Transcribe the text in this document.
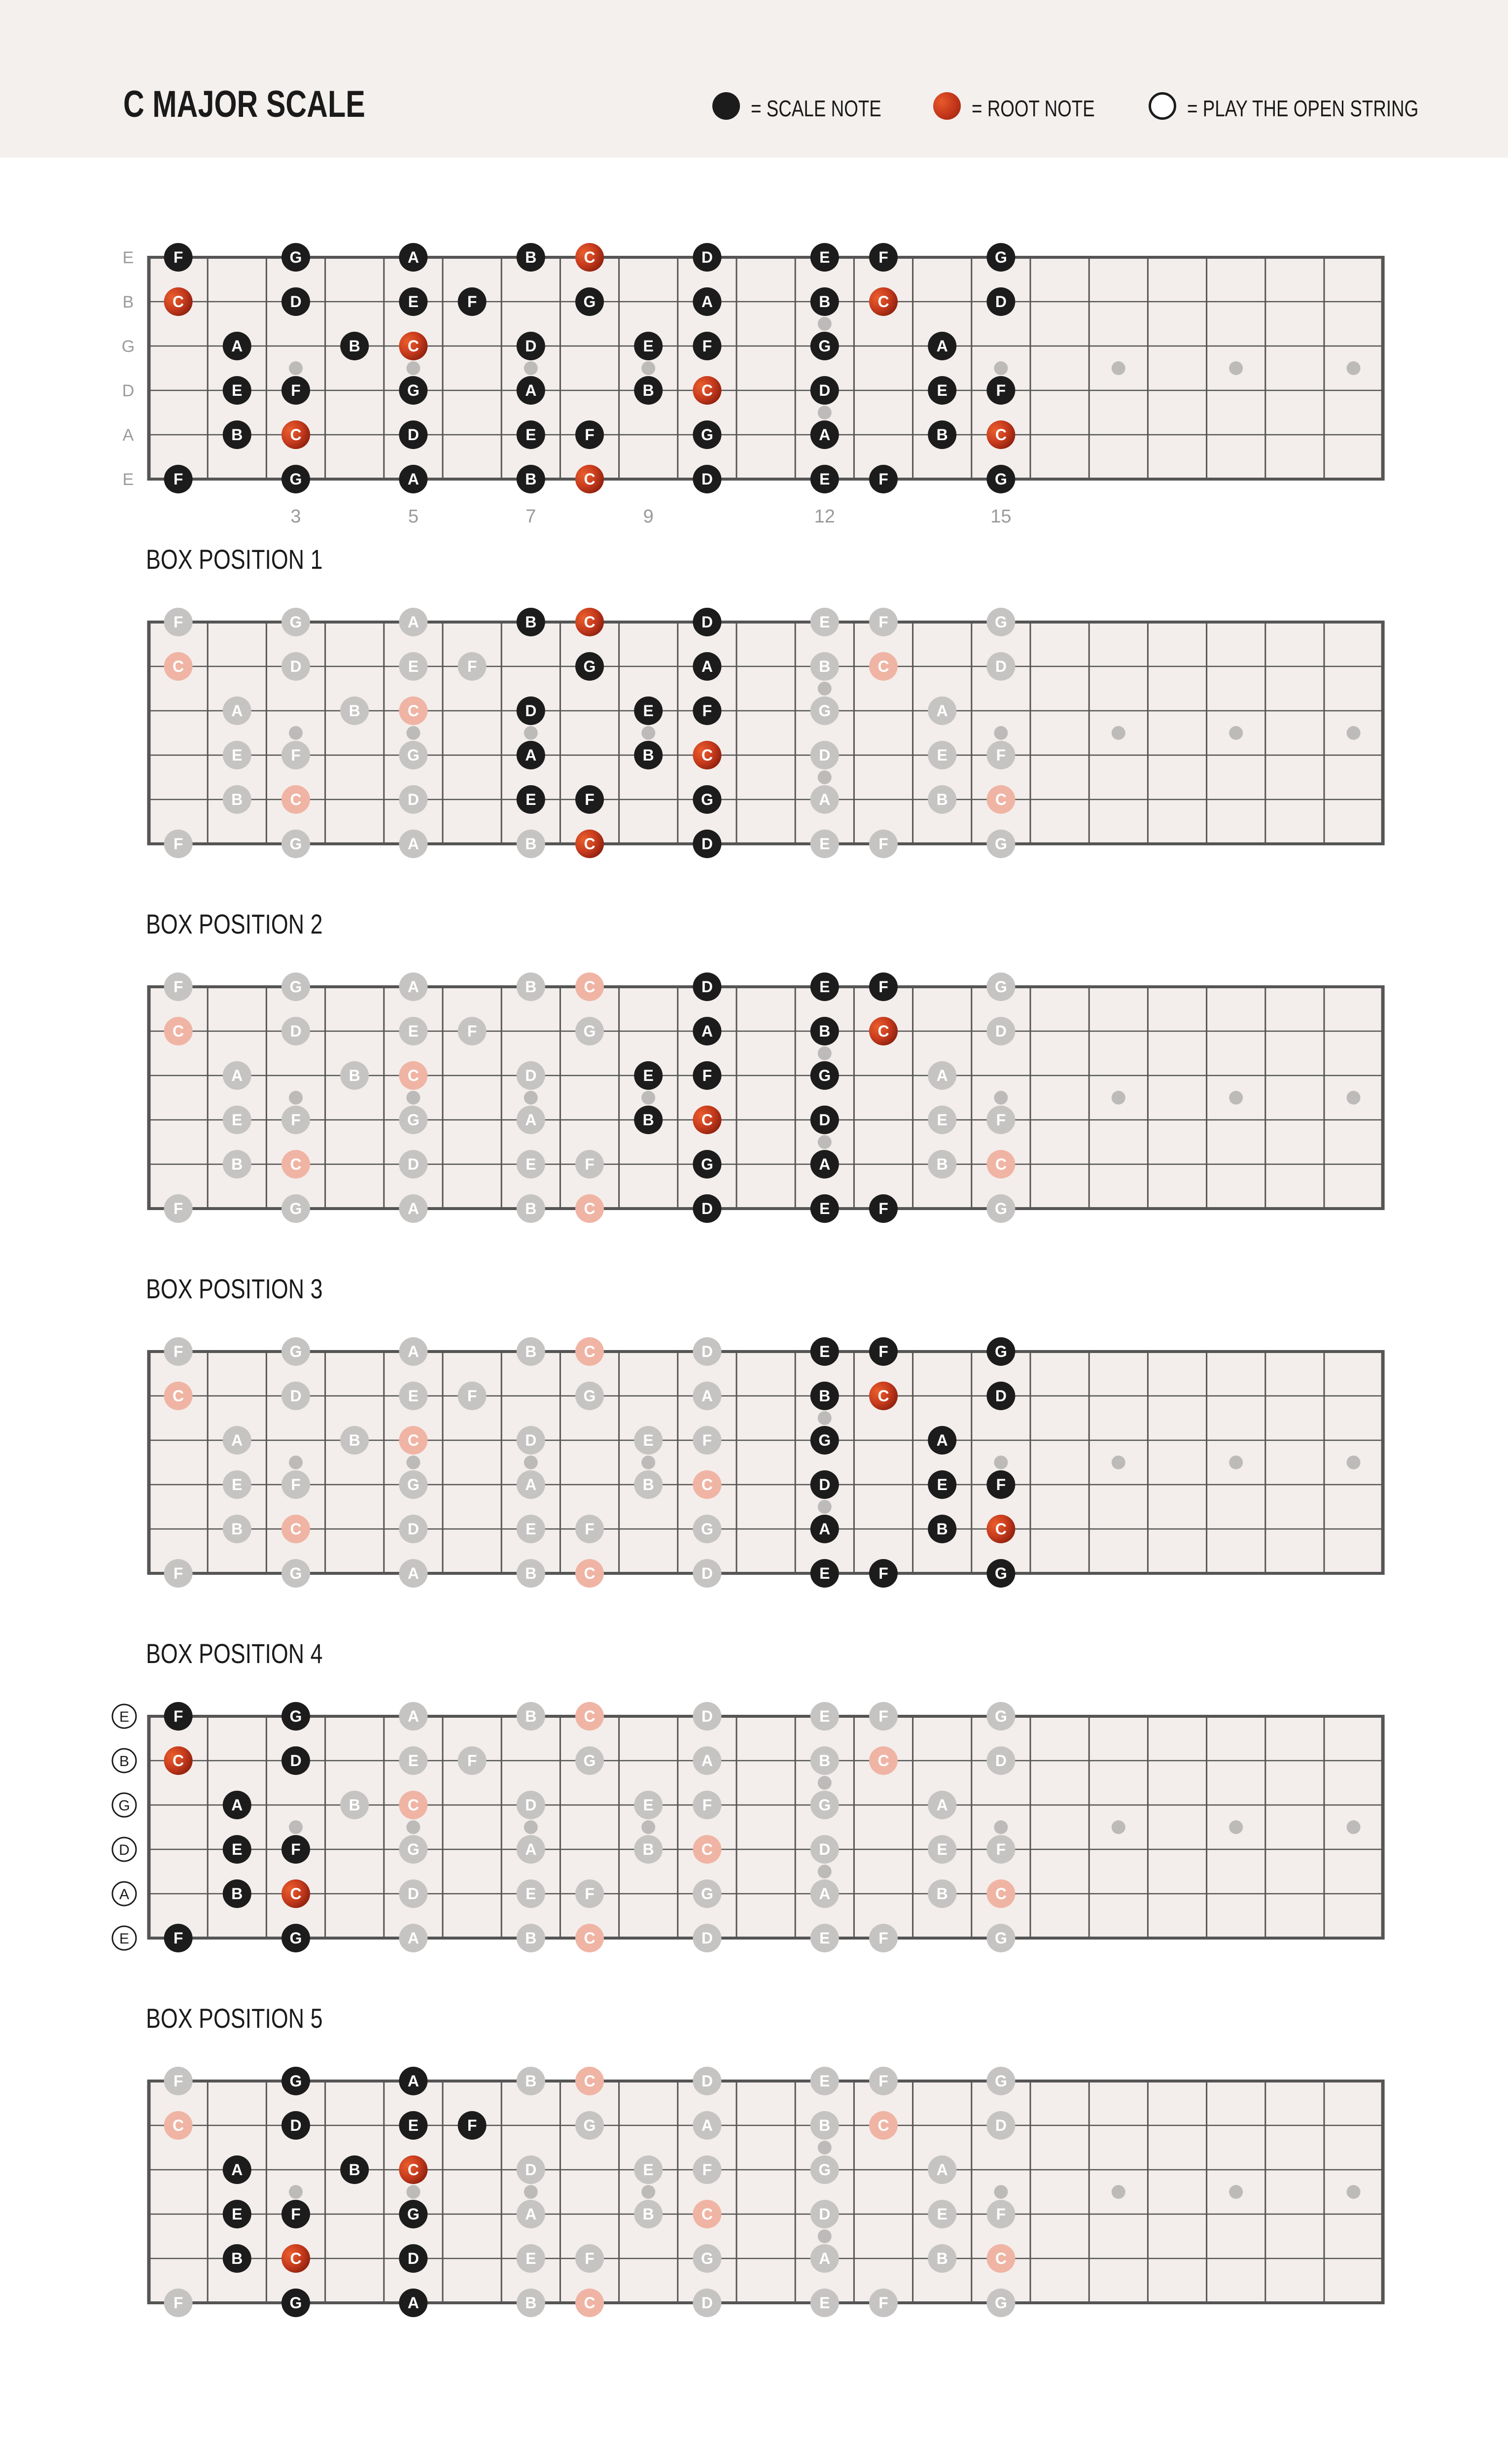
C MAJOR SCALE	= SCALE NOTE	= ROOT NOTE	= PLAY THE OPEN STRING
E
B
G
D
A
E
3	5	7	9	12	15
F	G	A	B	C	D	E	F	G
C	D	E	F	G	A	B	C	D
A	B	C	D	E	F	G	A
E	F	G	A	B	C	D	E	F
B	C	D	E	F	G	A	B	C
F	G	A	B	C	D	E	F	G
BOX POSITION 1
F	G	A	B	C	D	E	F	G
C	D	E	F	G	A	B	C	D
A	B	C	D	E	F	G	A
E	F	G	A	B	C	D	E	F
B	C	D	E	F	G	A	B	C
F	G	A	B	C	D	E	F	G
BOX POSITION 2
F	G	A	B	C	D	E	F	G
C	D	E	F	G	A	B	C	D
A	B	C	D	E	F	G	A
E	F	G	A	B	C	D	E	F
B	C	D	E	F	G	A	B	C
F	G	A	B	C	D	E	F	G
BOX POSITION 3
F	G	A	B	C	D	E	F	G
C	D	E	F	G	A	B	C	D
A	B	C	D	E	F	G	A
E	F	G	A	B	C	D	E	F
B	C	D	E	F	G	A	B	C
F	G	A	B	C	D	E	F	G
BOX POSITION 4
E
B
G
D
A
E
F	G	A	B	C	D	E	F	G
C	D	E	F	G	A	B	C	D
A	B	C	D	E	F	G	A
E	F	G	A	B	C	D	E	F
B	C	D	E	F	G	A	B	C
F	G	A	B	C	D	E	F	G
BOX POSITION 5
F	G	A	B	C	D	E	F	G
C	D	E	F	G	A	B	C	D
A	B	C	D	E	F	G	A
E	F	G	A	B	C	D	E	F
B	C	D	E	F	G	A	B	C
F	G	A	B	C	D	E	F	G
